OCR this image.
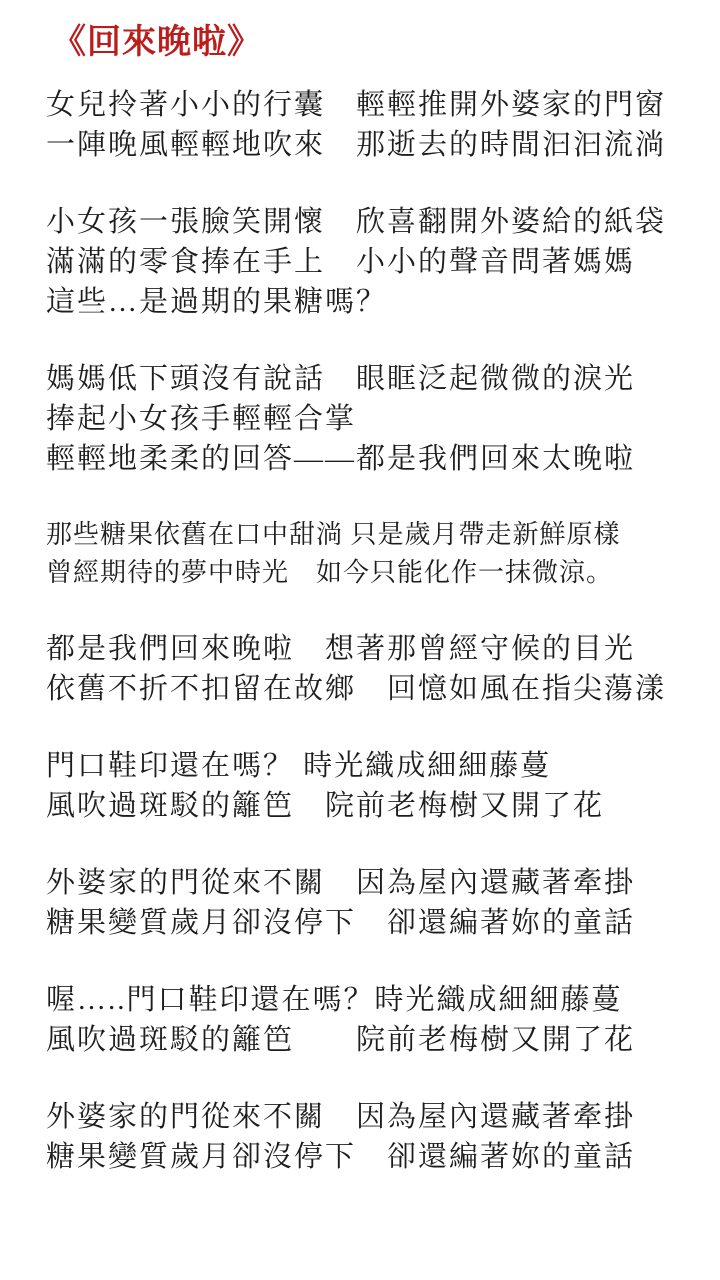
《回來晚啦》
女兒拎著小小的行囊　輕輕推開外婆家的門窗
一陣晚風輕輕地吹來　那逝去的時間汩汩流淌
小女孩一張臉笑開懷　欣喜翻開外婆給的紙袋
滿滿的零食捧在手上　小小的聲音問著媽媽
這些…是過期的果糖嗎？
媽媽低下頭沒有說話　眼眶泛起微微的淚光
捧起小女孩手輕輕合掌
輕輕地柔柔的回答——都是我們回來太晚啦
那些糖果依舊在口中甜淌 只是歲月帶走新鮮原樣
曾經期待的夢中時光　如今只能化作一抹微涼。
都是我們回來晚啦　想著那曾經守候的目光
依舊不折不扣留在故鄉　回憶如風在指尖蕩漾
門口鞋印還在嗎？ 時光織成細細藤蔓
風吹過斑駁的籬笆　院前老梅樹又開了花
外婆家的門從來不關　因為屋內還藏著牽掛
糖果變質歲月卻沒停下　卻還編著妳的童話
喔…..門口鞋印還在嗎？時光織成細細藤蔓
風吹過斑駁的籬笆　　院前老梅樹又開了花
外婆家的門從來不關　因為屋內還藏著牽掛
糖果變質歲月卻沒停下　卻還編著妳的童話
